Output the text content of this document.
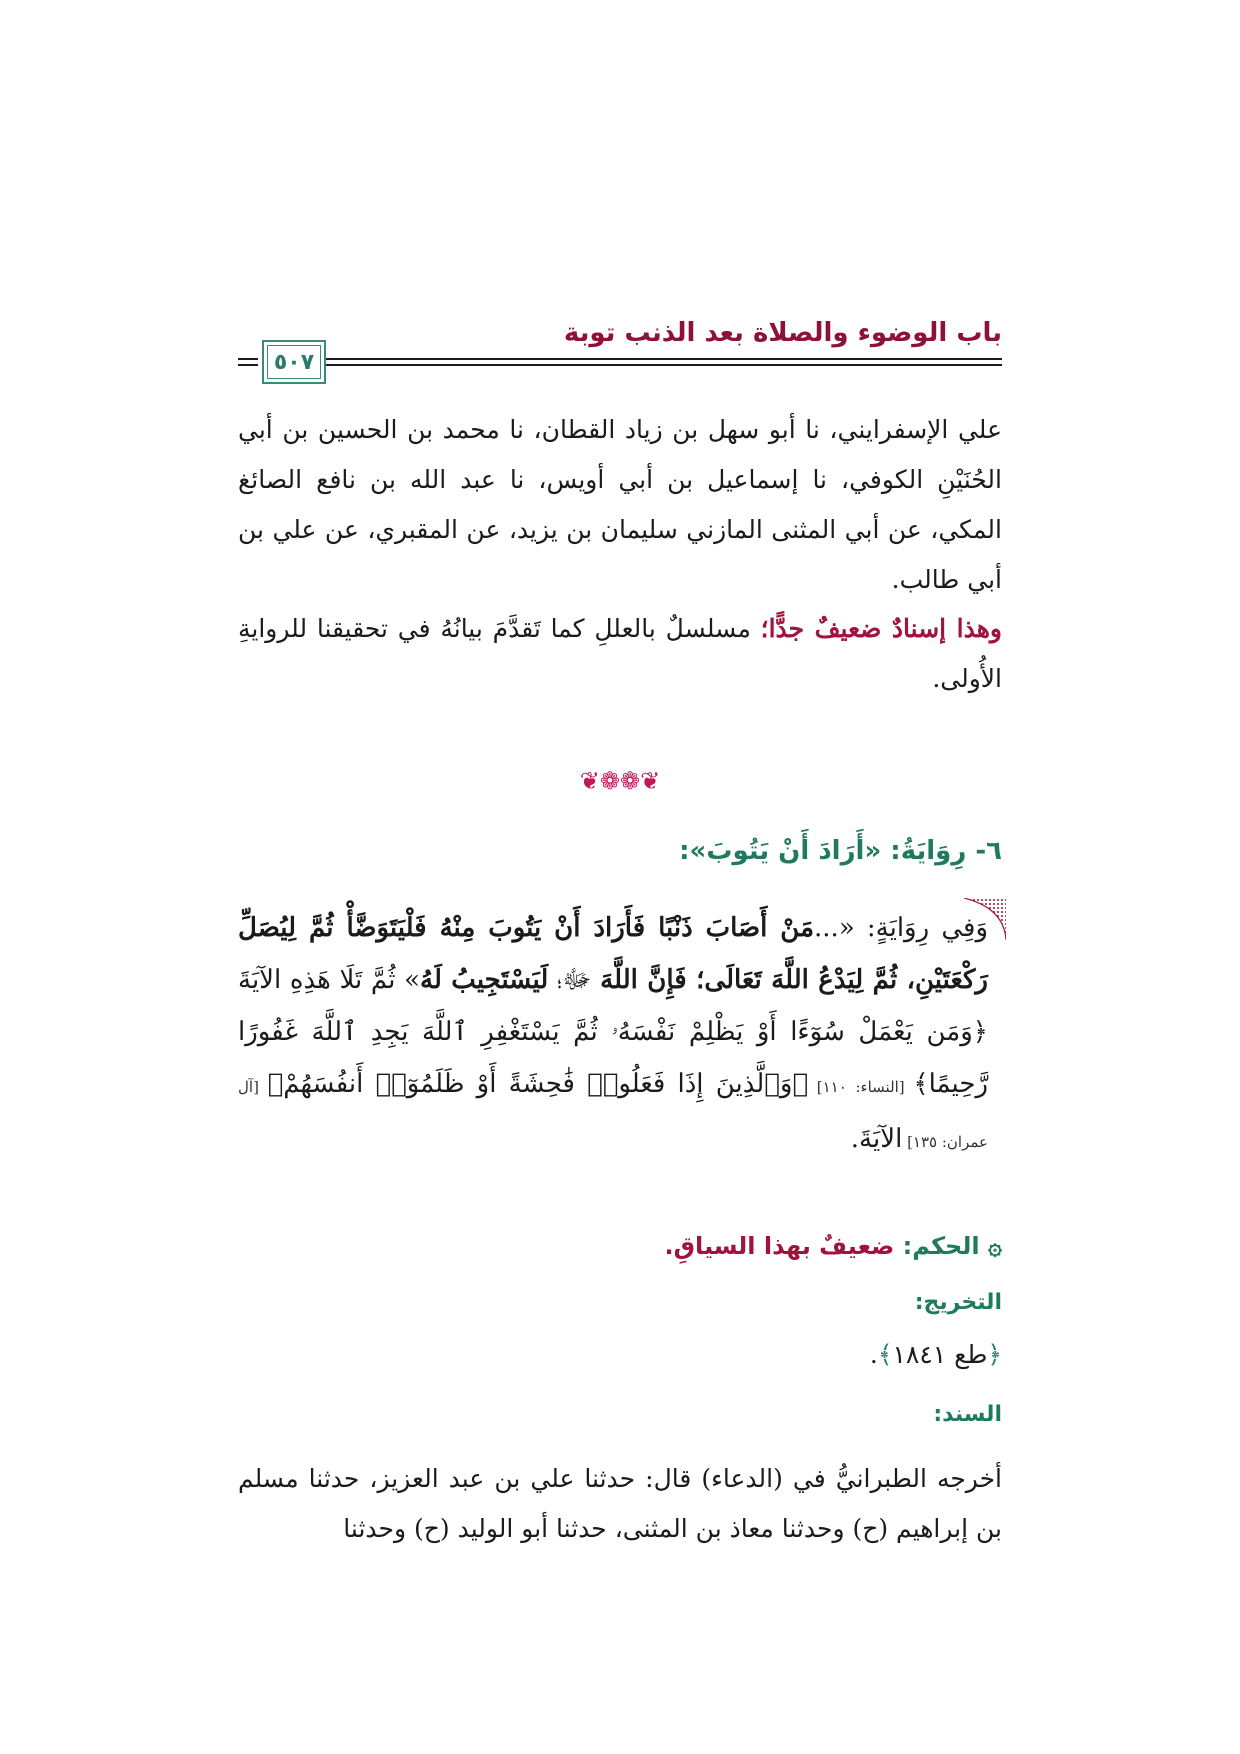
باب الوضوء والصلاة بعد الذنب توبة
٥٠٧
علي الإسفرايني، نا أبو سهل بن زياد القطان، نا محمد بن الحسين بن أبي الحُنَيْنِ الكوفي، نا إسماعيل بن أبي أويس، نا عبد الله بن نافع الصائغ المكي، عن أبي المثنى المازني سليمان بن يزيد، عن المقبري، عن علي بن أبي طالب.
وهذا إسنادٌ ضعيفٌ جدًّا؛ مسلسلٌ بالعللِ كما تَقدَّمَ بيانُهُ في تحقيقنا للروايةِ الأُولى.
❦❁❁❦
٦- رِوَايَةُ: «أَرَادَ أَنْ يَتُوبَ»:
وَفِي رِوَايَةٍ: «...مَنْ أَصَابَ ذَنْبًا فَأَرَادَ أَنْ يَتُوبَ مِنْهُ فَلْيَتَوَضَّأْ ثُمَّ لِيُصَلِّ رَكْعَتَيْنِ، ثُمَّ لِيَدْعُ اللَّهَ تَعَالَى؛ فَإِنَّ اللَّهَ ﷻ؛ لَيَسْتَجِيبُ لَهُ» ثُمَّ تَلَا هَذِهِ الآيَةَ ﴿وَمَن يَعْمَلْ سُوٓءًا أَوْ يَظْلِمْ نَفْسَهُۥ ثُمَّ يَسْتَغْفِرِ ٱللَّهَ يَجِدِ ٱللَّهَ غَفُورًا رَّحِيمًا﴾ [النساء: ١١٠] ﴿وَٱلَّذِينَ إِذَا فَعَلُوا۟ فَٰحِشَةً أَوْ ظَلَمُوٓا۟ أَنفُسَهُمْ﴾ [آل عمران: ١٣٥] الآيَةَ.
۞ الحكم: ضعيفٌ بهذا السياقِ.
التخريج:
﴿طع ١٨٤١﴾.
السند:
أخرجه الطبرانيُّ في (الدعاء) قال: حدثنا علي بن عبد العزيز، حدثنا مسلم بن إبراهيم (ح) وحدثنا معاذ بن المثنى، حدثنا أبو الوليد (ح) وحدثنا
